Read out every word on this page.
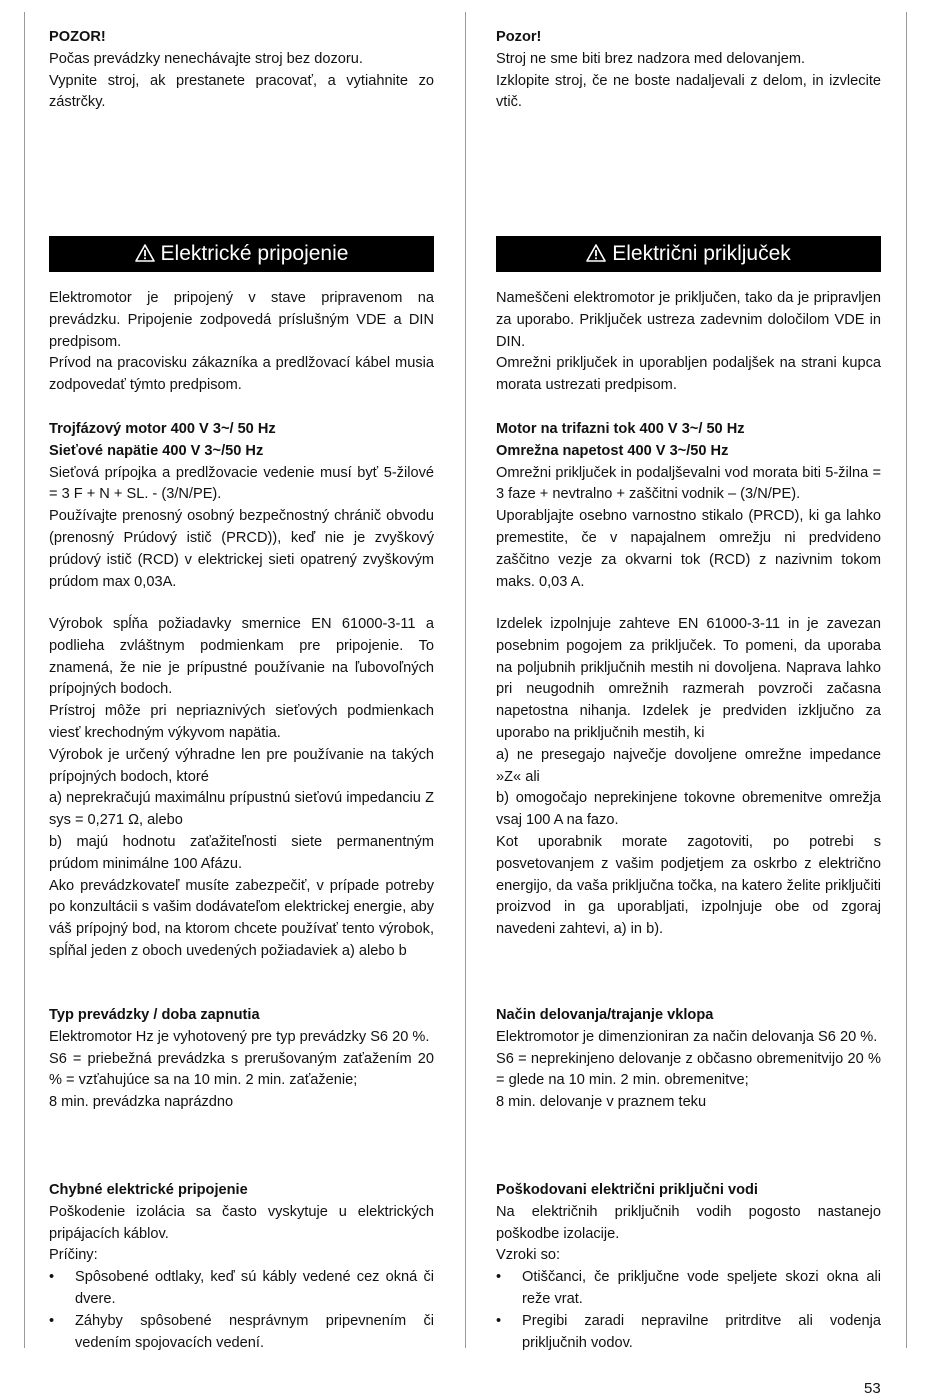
POZOR!

Počas prevádzky nenechávajte stroj bez dozoru.

Vypnite stroj, ak prestanete pracovať, a vytiahnite zo zástrčky.

Elektrické pripojenie

Elektromotor je pripojený v stave pripravenom na prevádzku. Pripojenie zodpovedá príslušným VDE a DIN predpisom.

Prívod na pracovisku zákazníka a predlžovací kábel musia zodpovedať týmto predpisom.

Trojfázový motor 400 V 3~/ 50 Hz

Sieťové napätie 400 V 3~/50 Hz

Sieťová prípojka a predlžovacie vedenie musí byť 5-žilové = 3 F + N + SL. - (3/N/PE).

Používajte prenosný osobný bezpečnostný chránič obvodu (prenosný Prúdový istič (PRCD)), keď nie je zvyškový prúdový istič (RCD) v elektrickej sieti opatrený zvyškovým prúdom max 0,03A.

Výrobok spĺňa požiadavky smernice EN 61000-3-11 a podlieha zvláštnym podmienkam pre pripojenie. To znamená, že nie je prípustné používanie na ľubovoľných prípojných bodoch.

Prístroj môže pri nepriaznivých sieťových podmienkach viesť krechodným výkyvom napätia.

Výrobok je určený výhradne len pre používanie na takých prípojných bodoch, ktoré

a) neprekračujú maximálnu prípustnú sieťovú impedanciu Z sys = 0,271 Ω, alebo

b) majú hodnotu zaťažiteľnosti siete permanentným prúdom minimálne 100 Afázu.

Ako prevádzkovateľ musíte zabezpečiť, v prípade potreby po konzultácii s vašim dodávateľom elektrickej energie, aby váš prípojný bod, na ktorom chcete používať tento výrobok, spĺňal jeden z oboch uvedených požiadaviek a) alebo b

Typ prevádzky / doba zapnutia

Elektromotor Hz je vyhotovený pre typ prevádzky S6 20 %.

S6 = priebežná prevádzka s prerušovaným zaťažením 20 % = vzťahujúce sa na 10 min. 2 min. zaťaženie;

8 min. prevádzka naprázdno

Chybné elektrické pripojenie

Poškodenie izolácia sa často vyskytuje u elektrických pripájacích káblov.

Príčiny:

• Spôsobené odtlaky, keď sú kábly vedené cez okná či dvere.
• Záhyby spôsobené nesprávnym pripevnením či vedením spojovacích vedení.

Pozor!

Stroj ne sme biti brez nadzora med delovanjem.

Izklopite stroj, če ne boste nadaljevali z delom, in izvlecite vtič.

Električni priključek

Nameščeni elektromotor je priključen, tako da je pripravljen za uporabo. Priključek ustreza zadevnim določilom VDE in DIN.

Omrežni priključek in uporabljen podaljšek na strani kupca morata ustrezati predpisom.

Motor na trifazni tok 400 V 3~/ 50 Hz

Omrežna napetost 400 V 3~/50 Hz

Omrežni priključek in podaljševalni vod morata biti 5-žilna = 3 faze + nevtralno + zaščitni vodnik – (3/N/PE).

Uporabljajte osebno varnostno stikalo (PRCD), ki ga lahko premestite, če v napajalnem omrežju ni predvideno zaščitno vezje za okvarni tok (RCD) z nazivnim tokom maks. 0,03 A.

Izdelek izpolnjuje zahteve EN 61000-3-11 in je zavezan posebnim pogojem za priključek. To pomeni, da uporaba na poljubnih priključnih mestih ni dovoljena. Naprava lahko pri neugodnih omrežnih razmerah povzroči začasna napetostna nihanja. Izdelek je predviden izključno za uporabo na priključnih mestih, ki

a) ne presegajo največje dovoljene omrežne impedance »Z« ali

b) omogočajo neprekinjene tokovne obremenitve omrežja vsaj 100 A na fazo.

Kot uporabnik morate zagotoviti, po potrebi s posvetovanjem z vašim podjetjem za oskrbo z električno energijo, da vaša priključna točka, na katero želite priključiti proizvod in ga uporabljati, izpolnjuje obe od zgoraj navedeni zahtevi, a) in b).

Način delovanja/trajanje vklopa

Elektromotor je dimenzioniran za način delovanja S6 20 %.

S6 = neprekinjeno delovanje z občasno obremenitvijo 20 % = glede na 10 min. 2 min. obremenitve;

8 min. delovanje v praznem teku

Poškodovani električni priključni vodi

Na električnih priključnih vodih pogosto nastanejo poškodbe izolacije.

Vzroki so:

• Otiščanci, če priključne vode speljete skozi okna ali reže vrat.
• Pregibi zaradi nepravilne pritrditve ali vodenja priključnih vodov.
53
